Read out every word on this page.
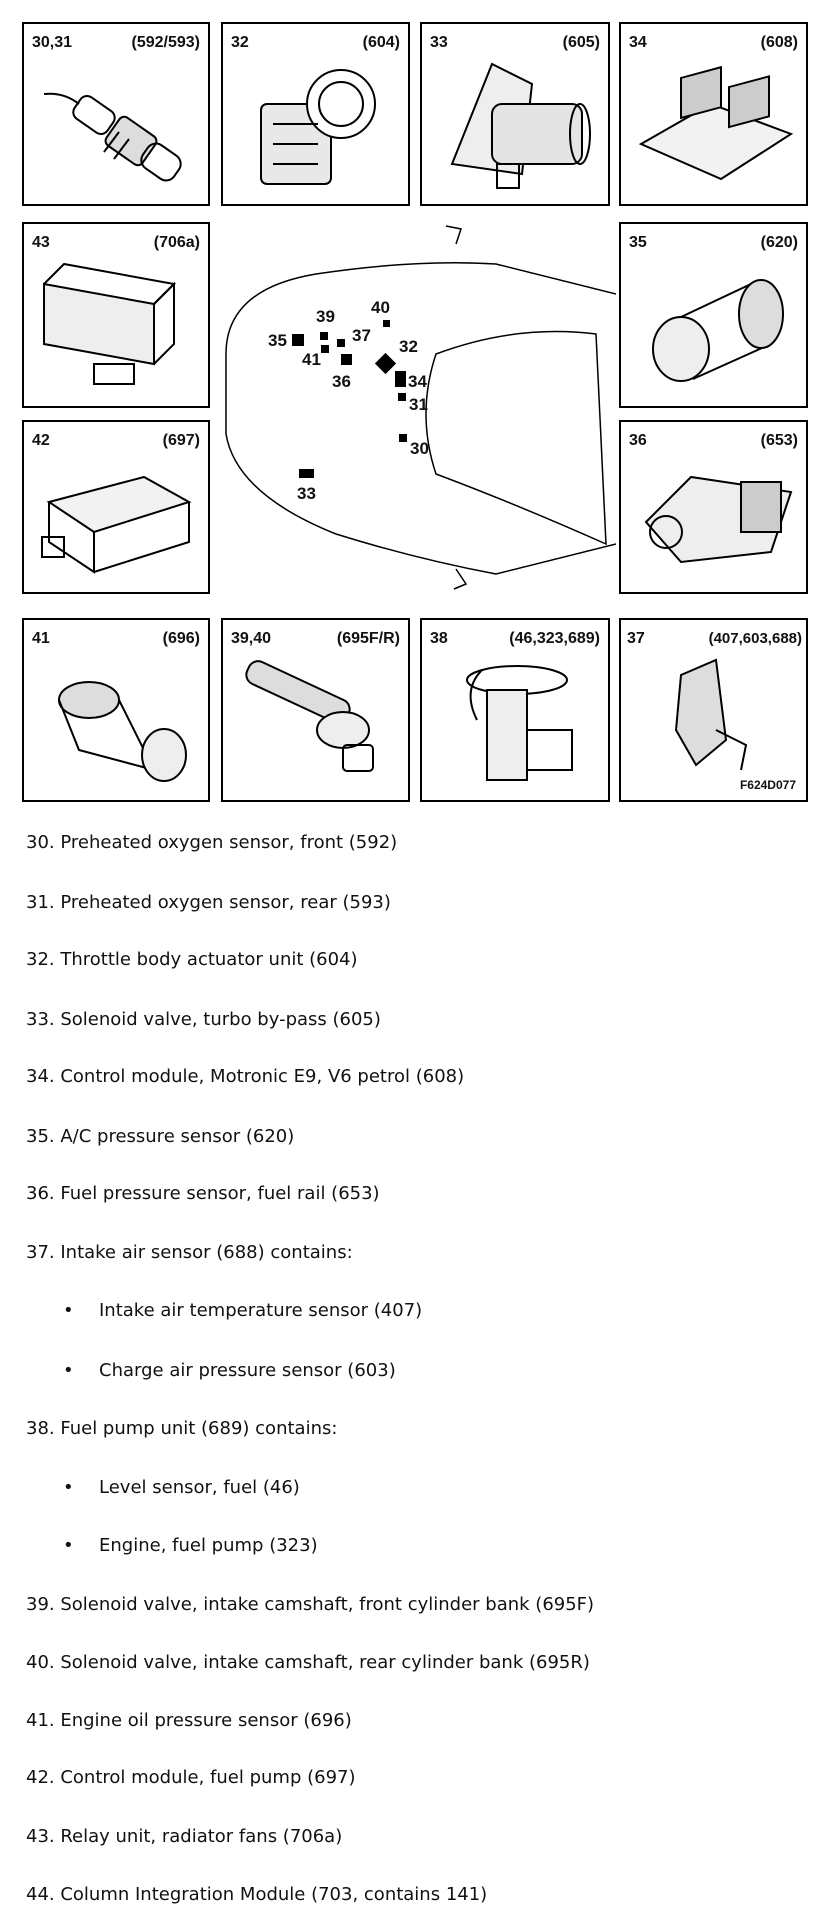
30,31	(592/593) 32	(604) 33	(605) 34	(608)
43	(706a)
40
39
37
35
41
36
32
34
31
30
33
35	(620)
42	(697)	36	(653)
41	(696) 39,40	(695F/R) 38	(46,323,689) 37	(407,603,688)
F624D077
30. Preheated oxygen sensor, front (592)
31. Preheated oxygen sensor, rear (593)
32. Throttle body actuator unit (604)
33. Solenoid valve, turbo by-pass (605)
34. Control module, Motronic E9, V6 petrol (608)
35. A/C pressure sensor (620)
36. Fuel pressure sensor, fuel rail (653)
37. Intake air sensor (688) contains:
• Intake air temperature sensor (407)
• Charge air pressure sensor (603)
38. Fuel pump unit (689) contains:
• Level sensor, fuel (46)
• Engine, fuel pump (323)
39. Solenoid valve, intake camshaft, front cylinder bank (695F)
40. Solenoid valve, intake camshaft, rear cylinder bank (695R)
41. Engine oil pressure sensor (696)
42. Control module, fuel pump (697)
43. Relay unit, radiator fans (706a)
44. Column Integration Module (703, contains 141)
